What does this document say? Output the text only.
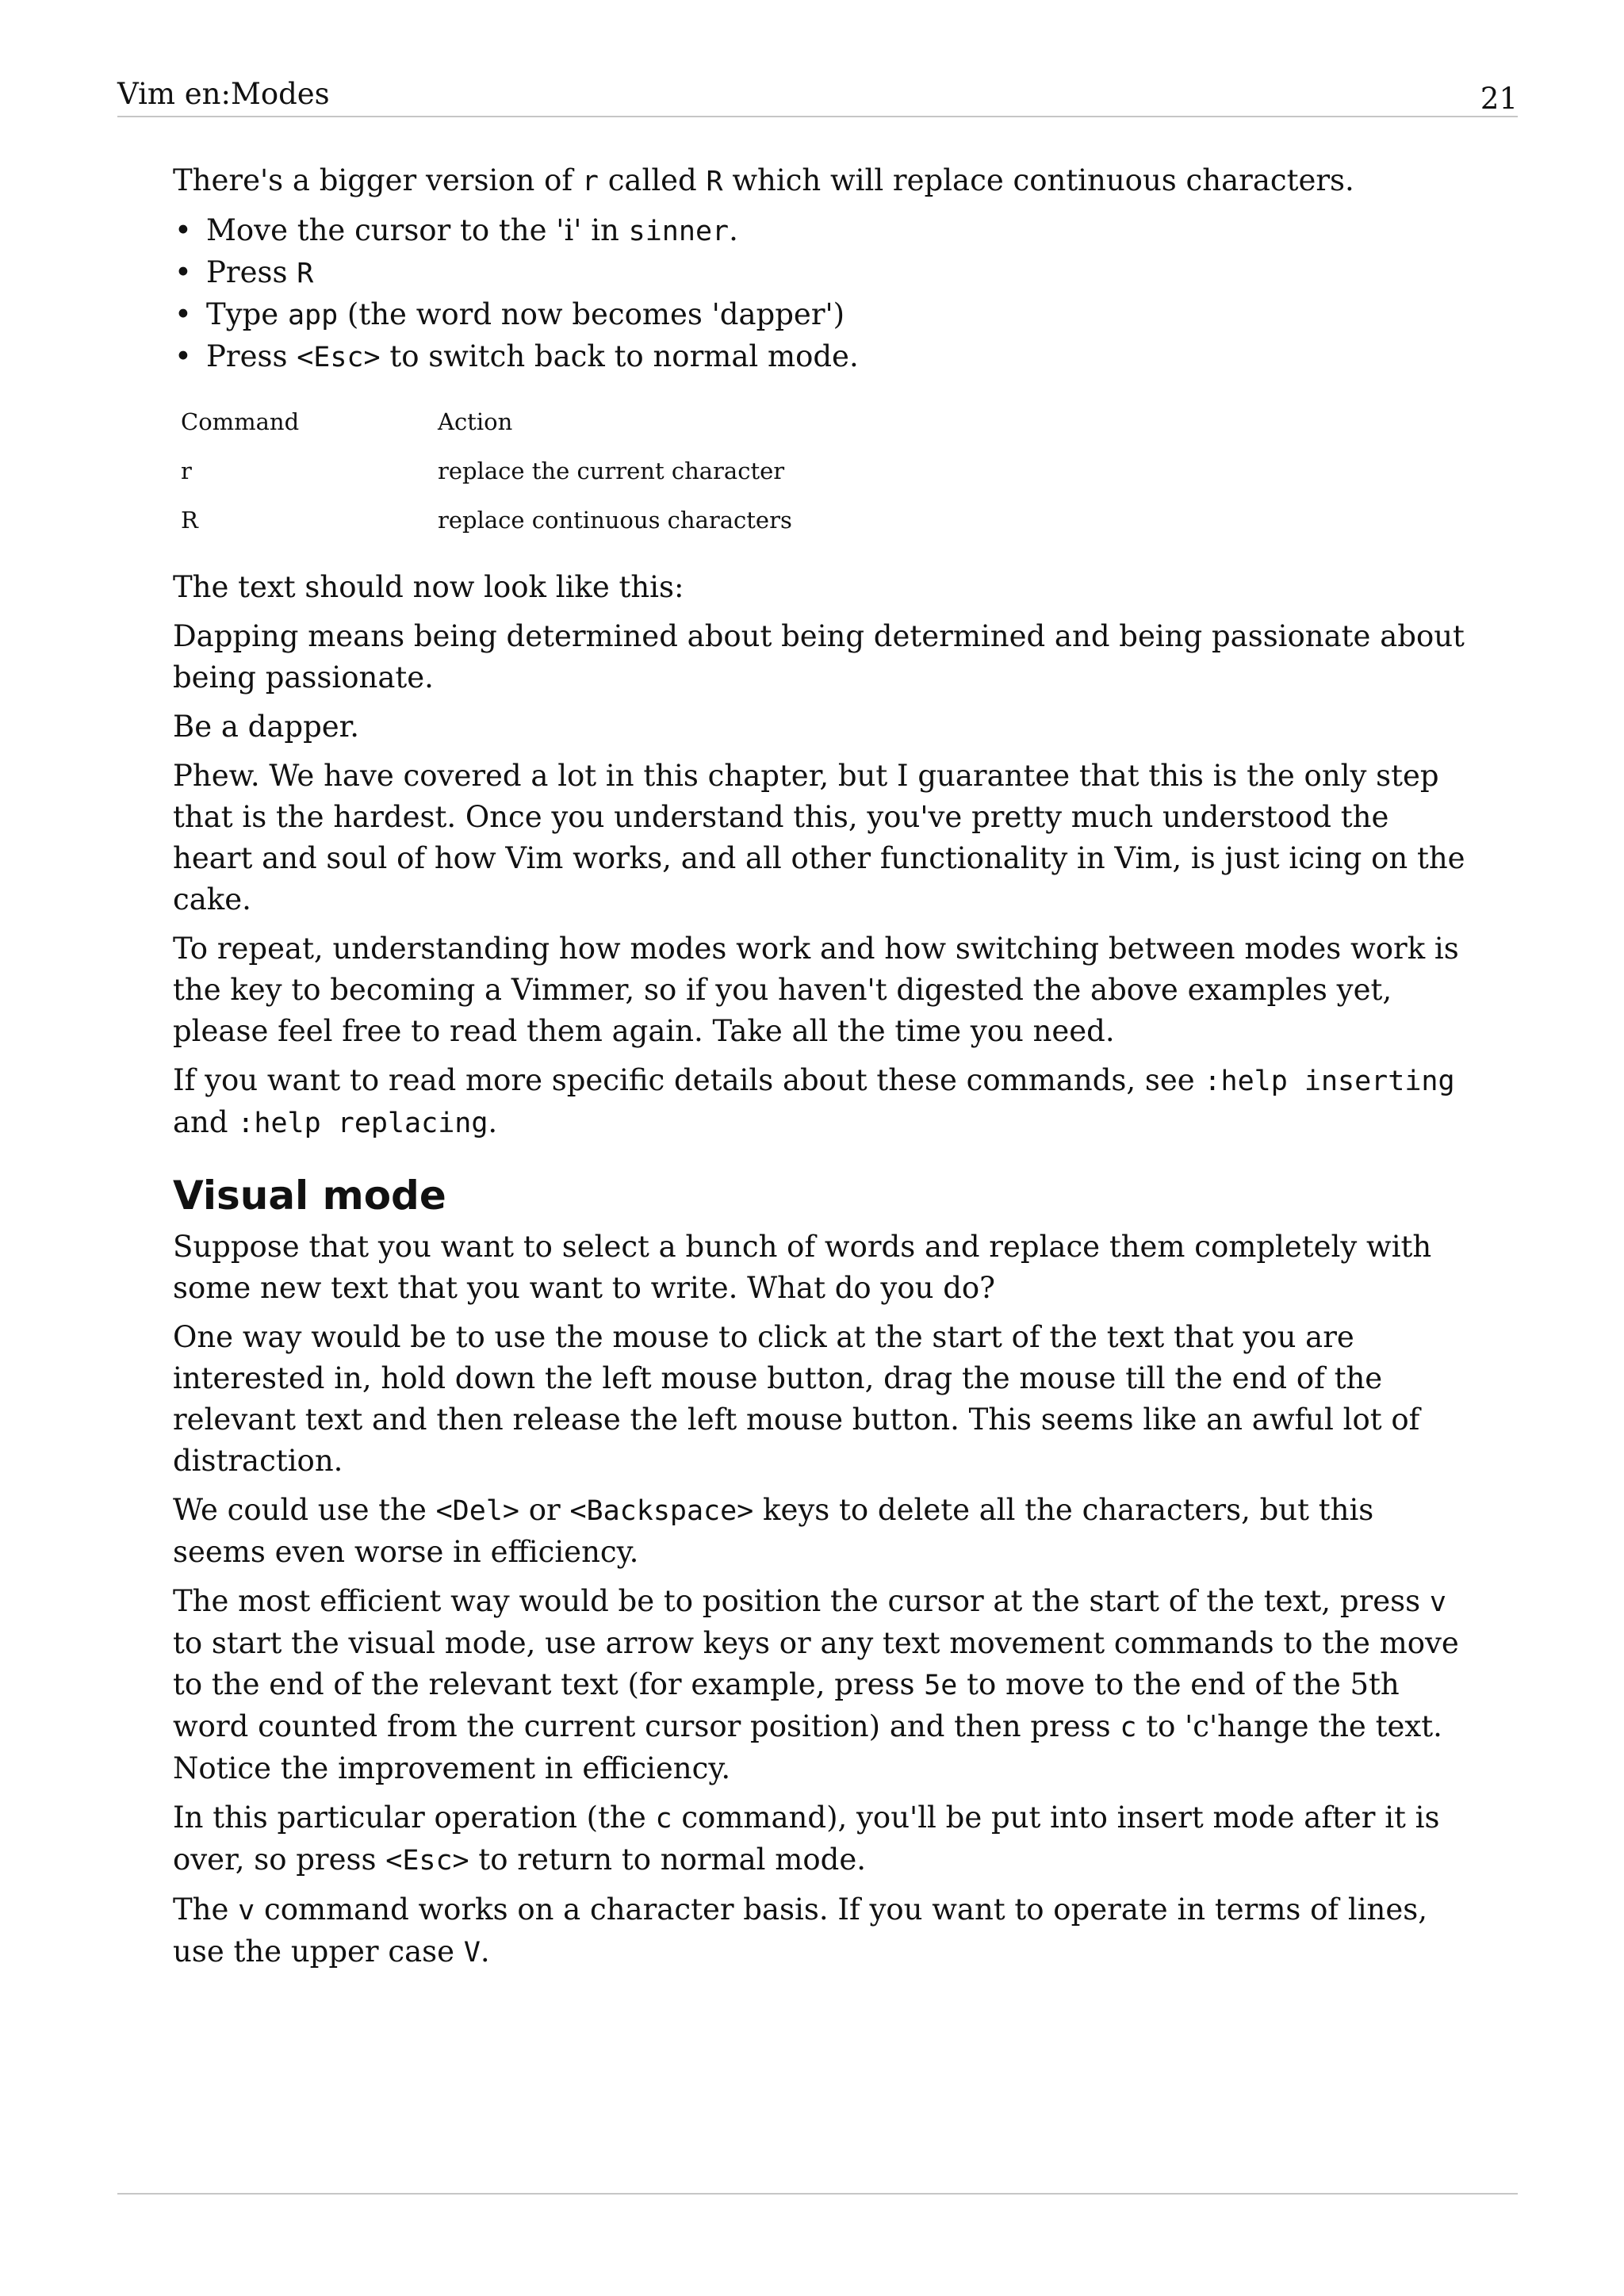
Vim en:Modes	21

There's a bigger version of r called R which will replace continuous characters.

• Move the cursor to the 'i' in sinner.
• Press R
• Type app (the word now becomes 'dapper')
• Press <Esc> to switch back to normal mode.
Command	Action
r	replace the current character
R	replace continuous characters

The text should now look like this:

Dapping means being determined about being determined and being passionate about being passionate.

Be a dapper.

Phew. We have covered a lot in this chapter, but I guarantee that this is the only step that is the hardest. Once you understand this, you've pretty much understood the heart and soul of how Vim works, and all other functionality in Vim, is just icing on the cake.

To repeat, understanding how modes work and how switching between modes work is the key to becoming a Vimmer, so if you haven't digested the above examples yet, please feel free to read them again. Take all the time you need.

If you want to read more specific details about these commands, see :help inserting and :help replacing.

Visual mode

Suppose that you want to select a bunch of words and replace them completely with some new text that you want to write. What do you do?

One way would be to use the mouse to click at the start of the text that you are interested in, hold down the left mouse button, drag the mouse till the end of the relevant text and then release the left mouse button. This seems like an awful lot of distraction.

We could use the <Del> or <Backspace> keys to delete all the characters, but this seems even worse in efficiency.

The most efficient way would be to position the cursor at the start of the text, press v to start the visual mode, use arrow keys or any text movement commands to the move to the end of the relevant text (for example, press 5e to move to the end of the 5th word counted from the current cursor position) and then press c to 'c'hange the text. Notice the improvement in efficiency.

In this particular operation (the c command), you'll be put into insert mode after it is over, so press <Esc> to return to normal mode.

The v command works on a character basis. If you want to operate in terms of lines, use the upper case V.
